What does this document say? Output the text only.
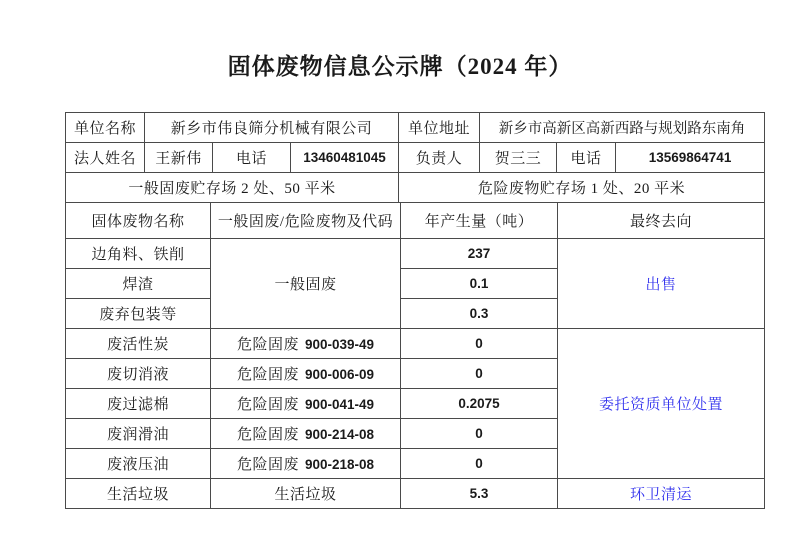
固体废物信息公示牌（2024 年）
单位名称	新乡市伟良筛分机械有限公司			单位地址	新乡市高新区高新西路与规划路东南角		
法人姓名	王新伟	电话	13460481045	负责人	贺三三	电话	13569864741
一般固废贮存场 2 处、50 平米				危险废物贮存场 1 处、20 平米			
固体废物名称	一般固废/危险废物及代码	年产生量（吨）	最终去向
边角料、铁削	一般固废	237	出售
焊渣		0.1	
废弃包装等		0.3	
废活性炭	危险固废 900-039-49	0	委托资质单位处置
废切消液	危险固废 900-006-09	0	
废过滤棉	危险固废 900-041-49	0.2075	
废润滑油	危险固废 900-214-08	0	
废液压油	危险固废 900-218-08	0	
生活垃圾	生活垃圾	5.3	环卫清运
